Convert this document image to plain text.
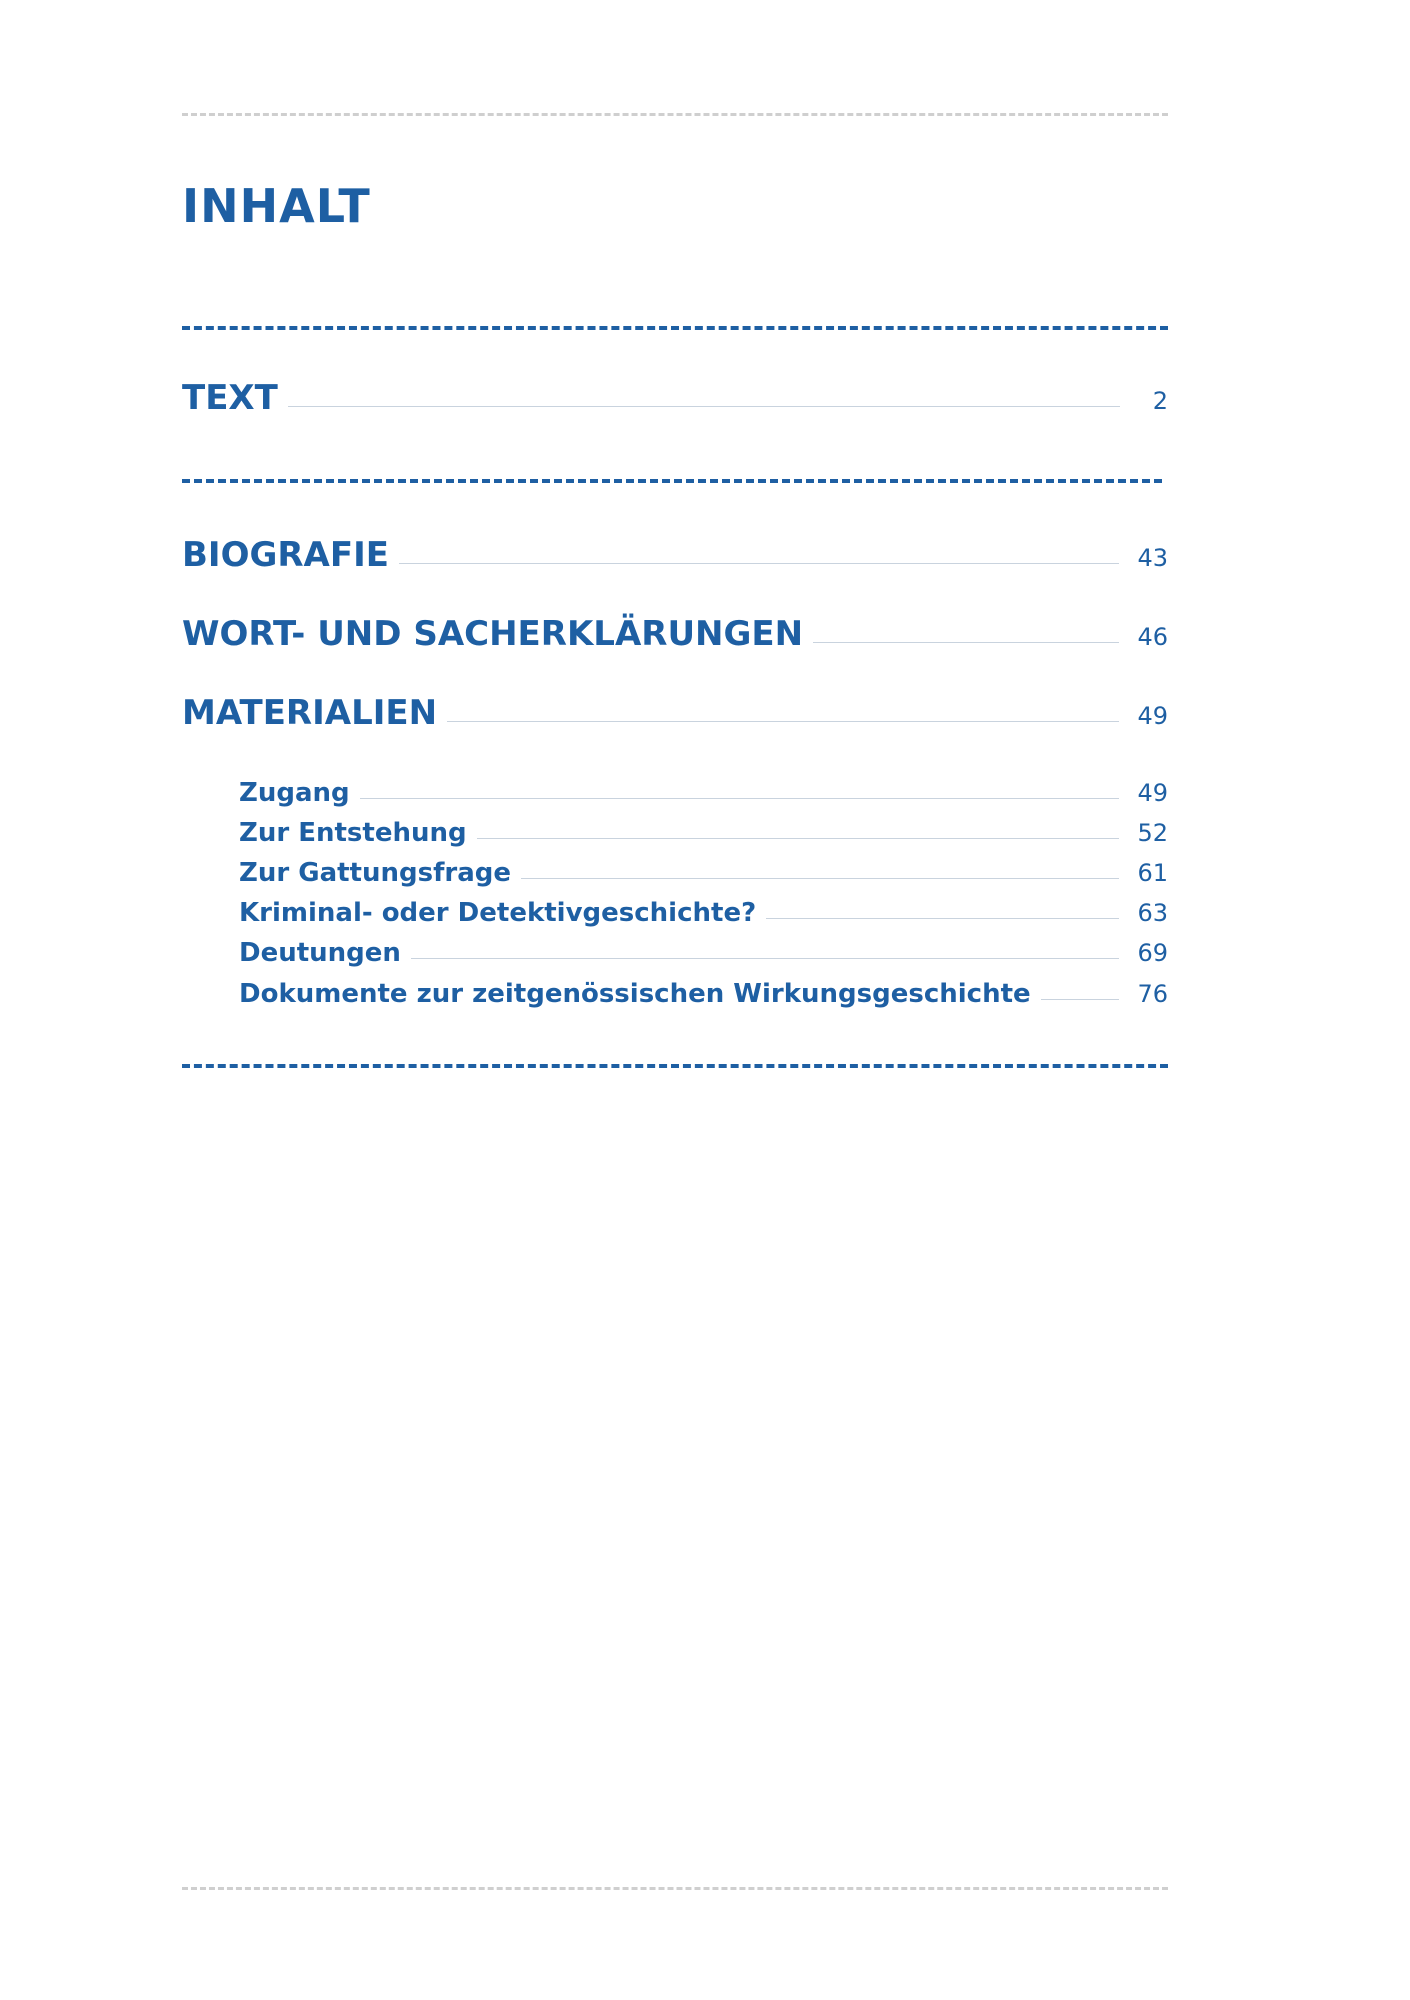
INHALT
TEXT	2
BIOGRAFIE	43
WORT- UND SACHERKLÄRUNGEN	46
MATERIALIEN	49
Zugang	49
Zur Entstehung	52
Zur Gattungsfrage	61
Kriminal- oder Detektivgeschichte?	63
Deutungen	69
Dokumente zur zeitgenössischen Wirkungsgeschichte	76
